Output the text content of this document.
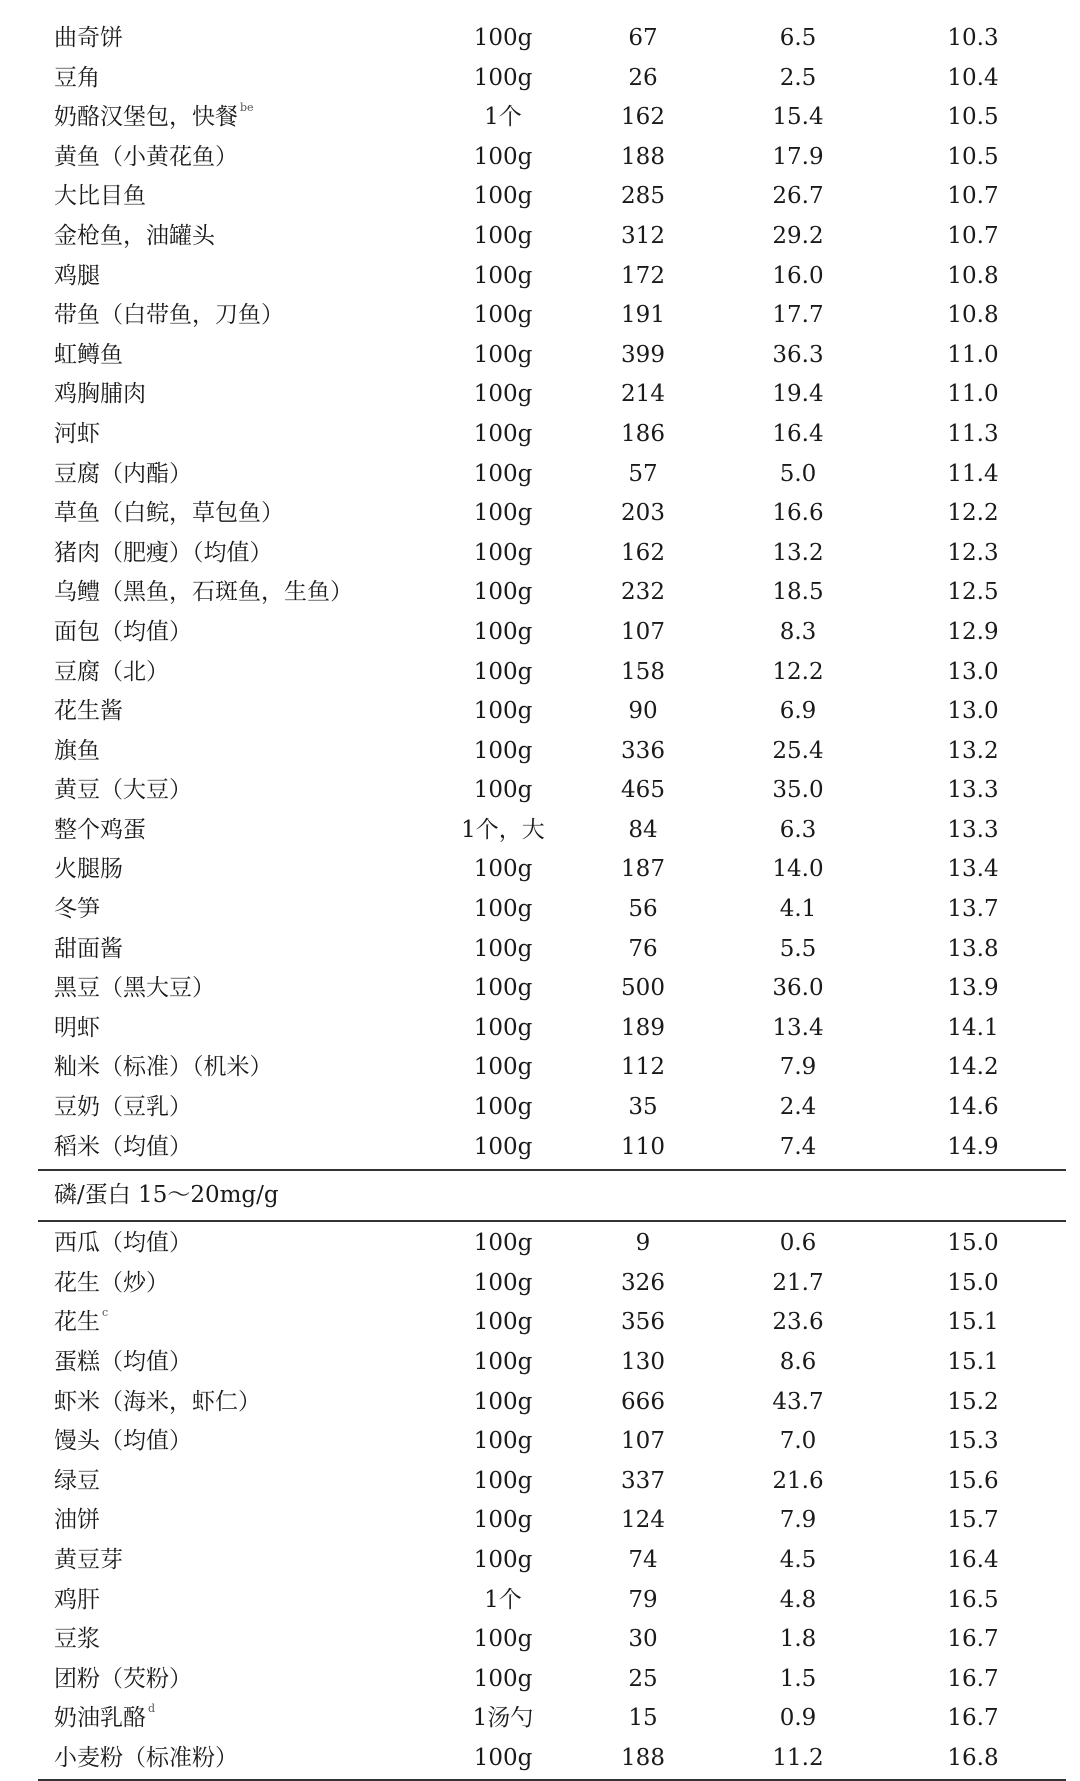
曲奇饼	100g	67	6.5	10.3
豆角	100g	26	2.5	10.4
奶酪汉堡包，快餐 $^{be}$	1个	162	15.4	10.5
黄鱼（小黄花鱼）	100g	188	17.9	10.5
大比目鱼	100g	285	26.7	10.7
金枪鱼，油罐头	100g	312	29.2	10.7
鸡腿	100g	172	16.0	10.8
带鱼（白带鱼，刀鱼）	100g	191	17.7	10.8
虹鳟鱼	100g	399	36.3	11.0
鸡胸脯肉	100g	214	19.4	11.0
河虾	100g	186	16.4	11.3
豆腐（内酯）	100g	57	5.0	11.4
草鱼（白鲩，草包鱼）	100g	203	16.6	12.2
猪肉（肥瘦）（均值）	100g	162	13.2	12.3
乌鳢（黑鱼，石斑鱼，生鱼）	100g	232	18.5	12.5
面包（均值）	100g	107	8.3	12.9
豆腐（北）	100g	158	12.2	13.0
花生酱	100g	90	6.9	13.0
旗鱼	100g	336	25.4	13.2
黄豆（大豆）	100g	465	35.0	13.3
整个鸡蛋	1个，大	84	6.3	13.3
火腿肠	100g	187	14.0	13.4
冬笋	100g	56	4.1	13.7
甜面酱	100g	76	5.5	13.8
黑豆（黑大豆）	100g	500	36.0	13.9
明虾	100g	189	13.4	14.1
籼米（标准）（机米）	100g	112	7.9	14.2
豆奶（豆乳）	100g	35	2.4	14.6
稻米（均值）	100g	110	7.4	14.9
磷/蛋白 15～20mg/g
西瓜（均值）	100g	9	0.6	15.0
花生（炒）	100g	326	21.7	15.0
花生 $^c$	100g	356	23.6	15.1
蛋糕（均值）	100g	130	8.6	15.1
虾米（海米，虾仁）	100g	666	43.7	15.2
馒头（均值）	100g	107	7.0	15.3
绿豆	100g	337	21.6	15.6
油饼	100g	124	7.9	15.7
黄豆芽	100g	74	4.5	16.4
鸡肝	1个	79	4.8	16.5
豆浆	100g	30	1.8	16.7
团粉（芡粉）	100g	25	1.5	16.7
奶油乳酪 $^d$	1汤勺	15	0.9	16.7
小麦粉（标准粉）	100g	188	11.2	16.8
